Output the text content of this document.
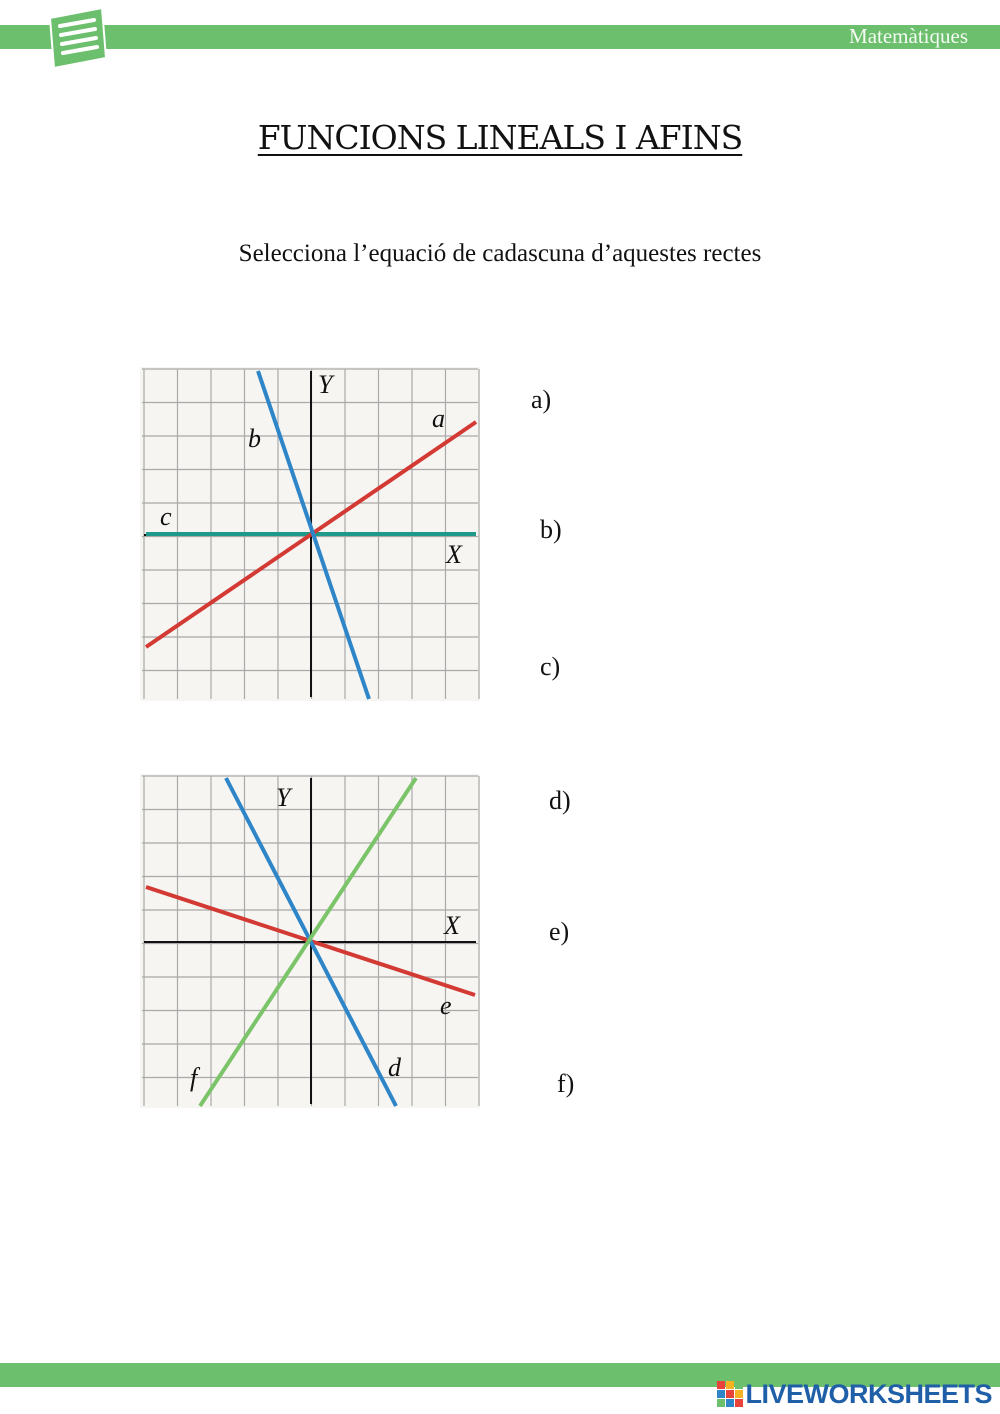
Matemàtiques
FUNCIONS LINEALS I AFINS
Selecciona l’equació de cadascuna d’aquestes rectes
Y
X
a
b
c
Y
X
d
e
f
a)
b)
c)
d)
e)
f)
LIVEWORKSHEETS
